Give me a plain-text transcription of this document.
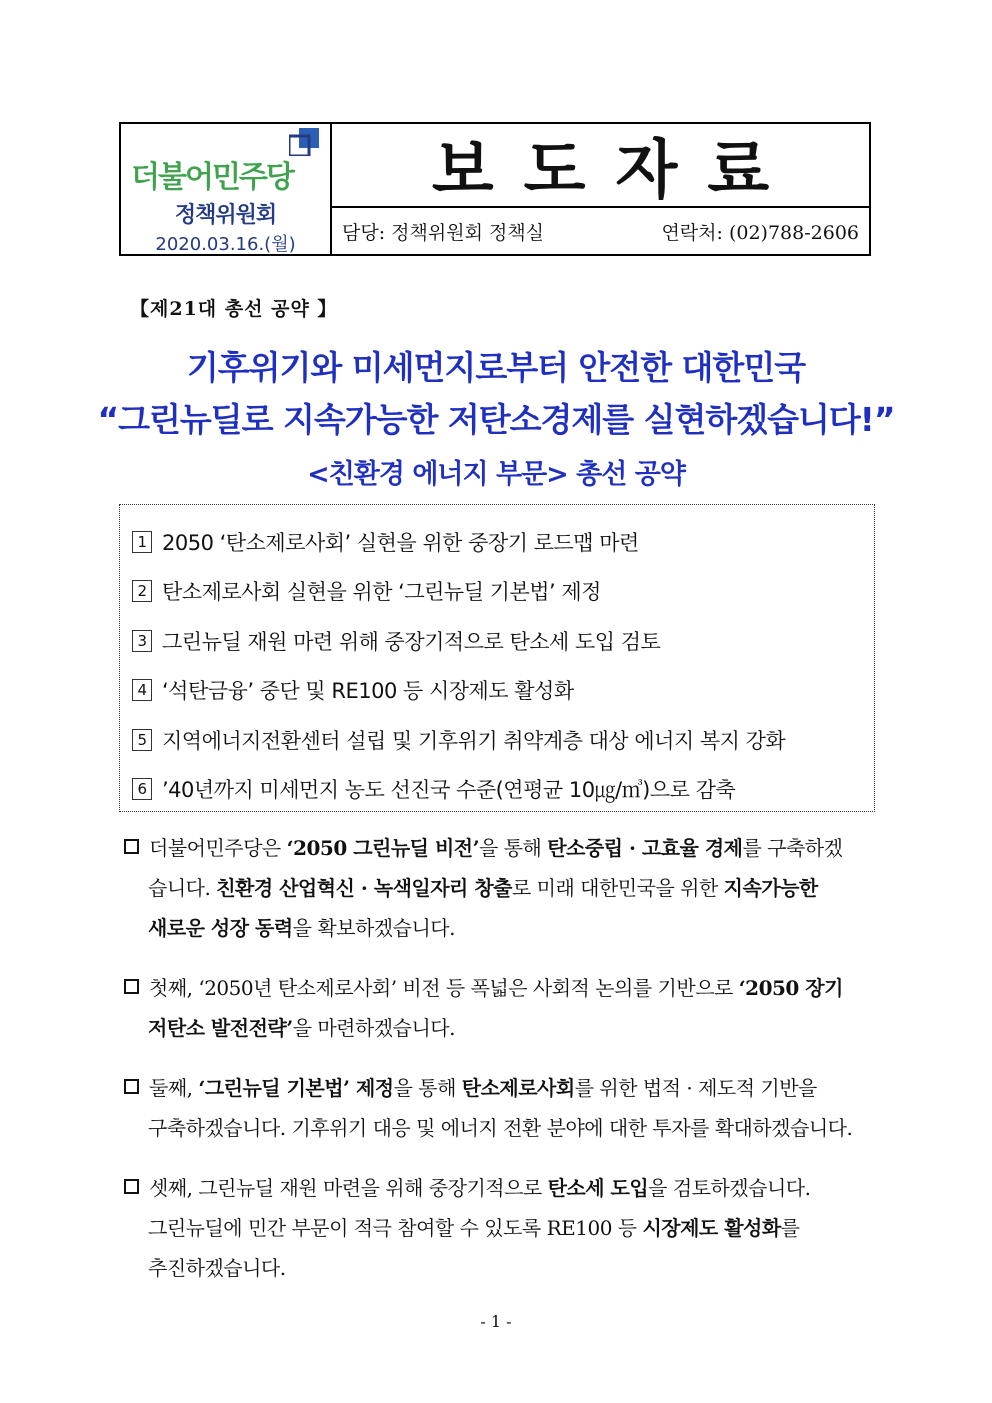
더불어민주당
정책위원회
2020.03.16.(월)
보도자료
담당: 정책위원회 정책실	연락처: (02)788-2606
【제21대 총선 공약 】
기후위기와 미세먼지로부터 안전한 대한민국
“그린뉴딜로 지속가능한 저탄소경제를 실현하겠습니다!”
<친환경 에너지 부문> 총선 공약
1 2050 ‘탄소제로사회’ 실현을 위한 중장기 로드맵 마련
2 탄소제로사회 실현을 위한 ‘그린뉴딜 기본법’ 제정
3 그린뉴딜 재원 마련 위해 중장기적으로 탄소세 도입 검토
4 ‘석탄금융’ 중단 및 RE100 등 시장제도 활성화
5 지역에너지전환센터 설립 및 기후위기 취약계층 대상 에너지 복지 강화
6 ’40년까지 미세먼지 농도 선진국 수준(연평균 10㎍/㎥)으로 감축
더불어민주당은 ‘2050 그린뉴딜 비전’을 통해 탄소중립 · 고효율 경제를 구축하겠
습니다. 친환경 산업혁신 · 녹색일자리 창출로 미래 대한민국을 위한 지속가능한
새로운 성장 동력을 확보하겠습니다.
첫째, ‘2050년 탄소제로사회’ 비전 등 폭넓은 사회적 논의를 기반으로 ‘2050 장기
저탄소 발전전략’을 마련하겠습니다.
둘째, ‘그린뉴딜 기본법’ 제정을 통해 탄소제로사회를 위한 법적 · 제도적 기반을
구축하겠습니다. 기후위기 대응 및 에너지 전환 분야에 대한 투자를 확대하겠습니다.
셋째, 그린뉴딜 재원 마련을 위해 중장기적으로 탄소세 도입을 검토하겠습니다.
그린뉴딜에 민간 부문이 적극 참여할 수 있도록 RE100 등 시장제도 활성화를
추진하겠습니다.
- 1 -
